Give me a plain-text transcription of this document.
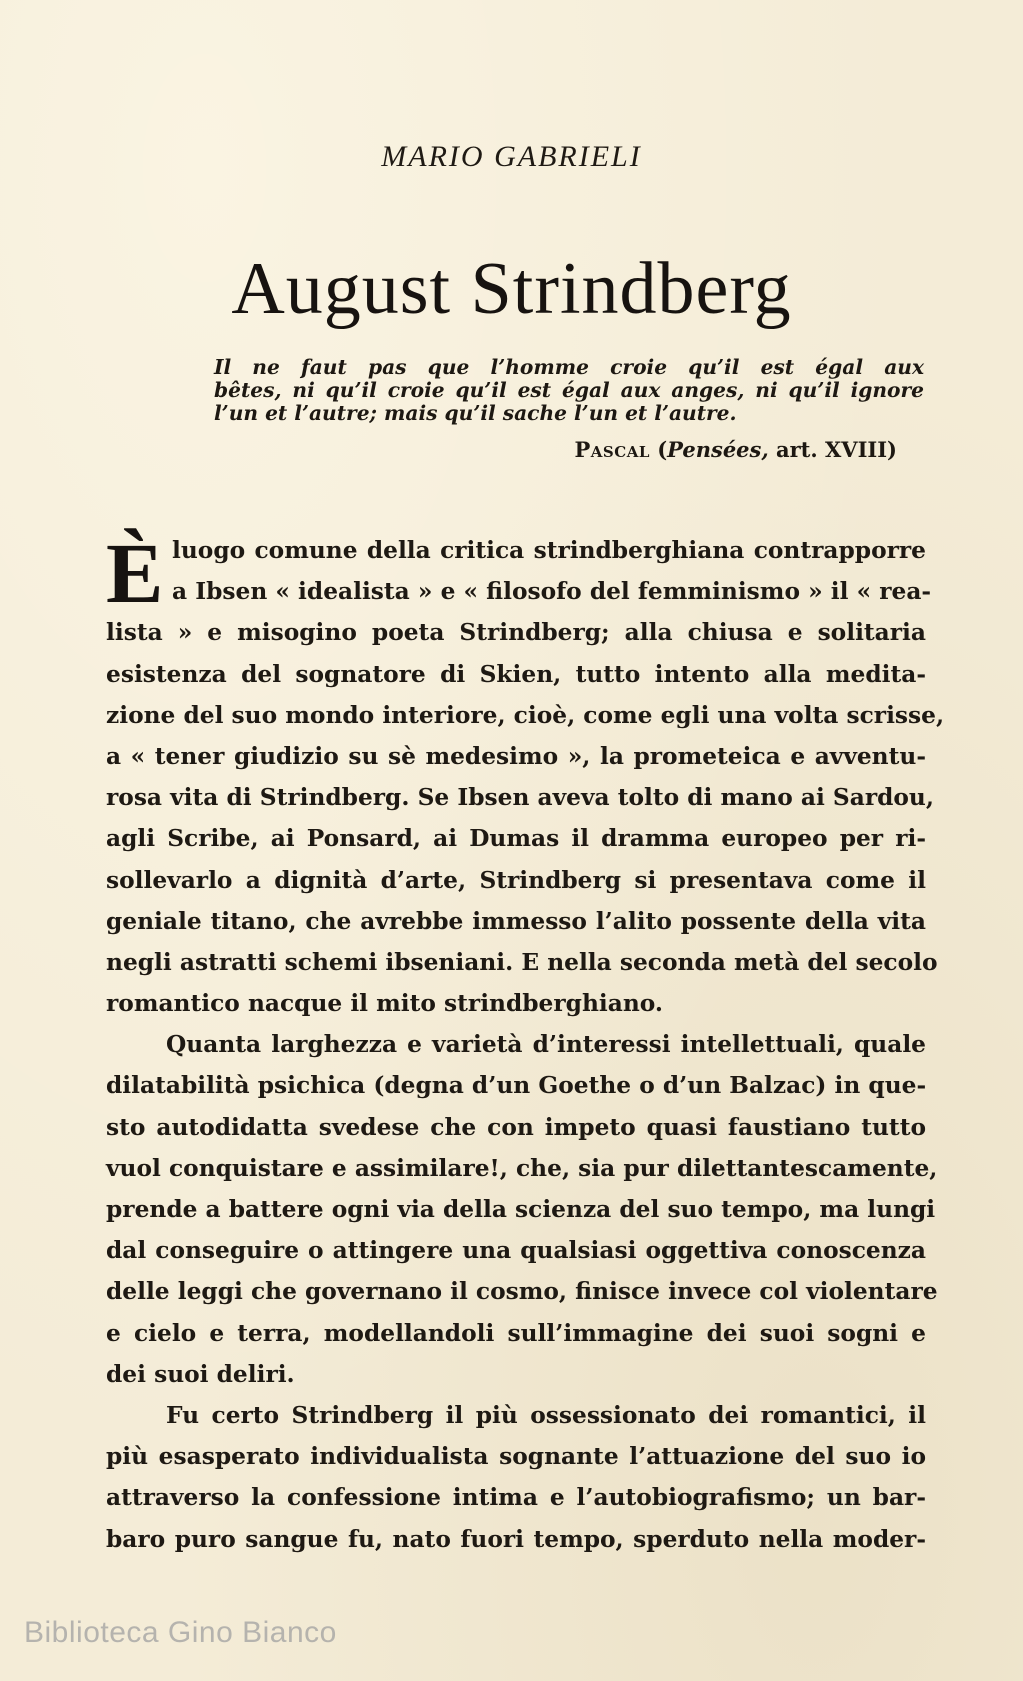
MARIO GABRIELI
August Strindberg
Il ne faut pas que l’homme croie qu’il est égal aux
bêtes, ni qu’il croie qu’il est égal aux anges, ni qu’il ignore
l’un et l’autre; mais qu’il sache l’un et l’autre.
Pascal (Pensées, art. XVIII)
È luogo comune della critica strindberghiana contrapporre
a Ibsen « idealista » e « filosofo del femminismo » il « rea-
lista » e misogino poeta Strindberg; alla chiusa e solitaria
esistenza del sognatore di Skien, tutto intento alla medita-
zione del suo mondo interiore, cioè, come egli una volta scrisse,
a « tener giudizio su sè medesimo », la prometeica e avventu-
rosa vita di Strindberg. Se Ibsen aveva tolto di mano ai Sardou,
agli Scribe, ai Ponsard, ai Dumas il dramma europeo per ri-
sollevarlo a dignità d’arte, Strindberg si presentava come il
geniale titano, che avrebbe immesso l’alito possente della vita
negli astratti schemi ibseniani. E nella seconda metà del secolo
romantico nacque il mito strindberghiano.
Quanta larghezza e varietà d’interessi intellettuali, quale
dilatabilità psichica (degna d’un Goethe o d’un Balzac) in que-
sto autodidatta svedese che con impeto quasi faustiano tutto
vuol conquistare e assimilare!, che, sia pur dilettantescamente,
prende a battere ogni via della scienza del suo tempo, ma lungi
dal conseguire o attingere una qualsiasi oggettiva conoscenza
delle leggi che governano il cosmo, finisce invece col violentare
e cielo e terra, modellandoli sull’immagine dei suoi sogni e
dei suoi deliri.
Fu certo Strindberg il più ossessionato dei romantici, il
più esasperato individualista sognante l’attuazione del suo io
attraverso la confessione intima e l’autobiografismo; un bar-
baro puro sangue fu, nato fuori tempo, sperduto nella moder-
Biblioteca Gino Bianco
